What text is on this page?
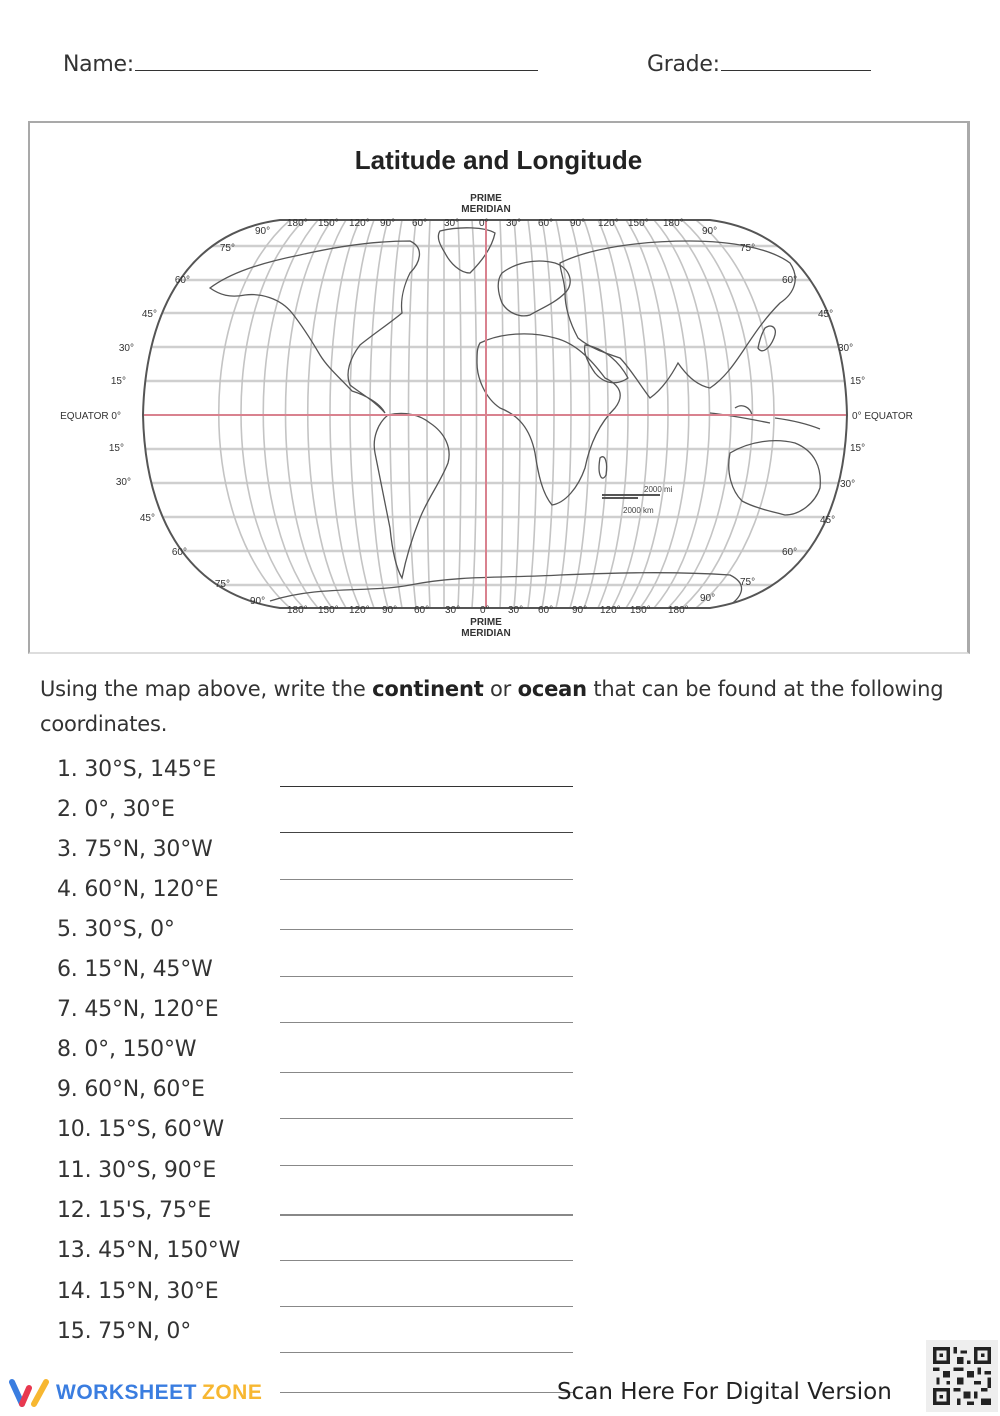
Name:	Grade:
Latitude and Longitude
2000 mi
2000 km
PRIME
MERIDIAN
90°	90°
180° 150° 120° 90° 60° 30° 0° 30° 60° 90° 120° 150° 180°
90°	90°
180° 150° 120° 90° 60° 30° 0° 30° 60° 90° 120° 150° 180°
PRIME
MERIDIAN
75°
60°
45°
30°
15°
EQUATOR 0°
15°
30°
45°
60°
75°
75°
60°
45°
30°
15°
0° EQUATOR
15°
30°
45°
60°
75°
Using the map above, write the continent or ocean that can be found at the following coordinates.
1. 30°S, 145°E
2. 0°, 30°E
3. 75°N, 30°W
4. 60°N, 120°E
5. 30°S, 0°
6. 15°N, 45°W
7. 45°N, 120°E
8. 0°, 150°W
9. 60°N, 60°E
10. 15°S, 60°W
11. 30°S, 90°E
12. 15'S, 75°E
13. 45°N, 150°W
14. 15°N, 30°E
15. 75°N, 0°
WORKSHEET ZONE	Scan Here For Digital Version
